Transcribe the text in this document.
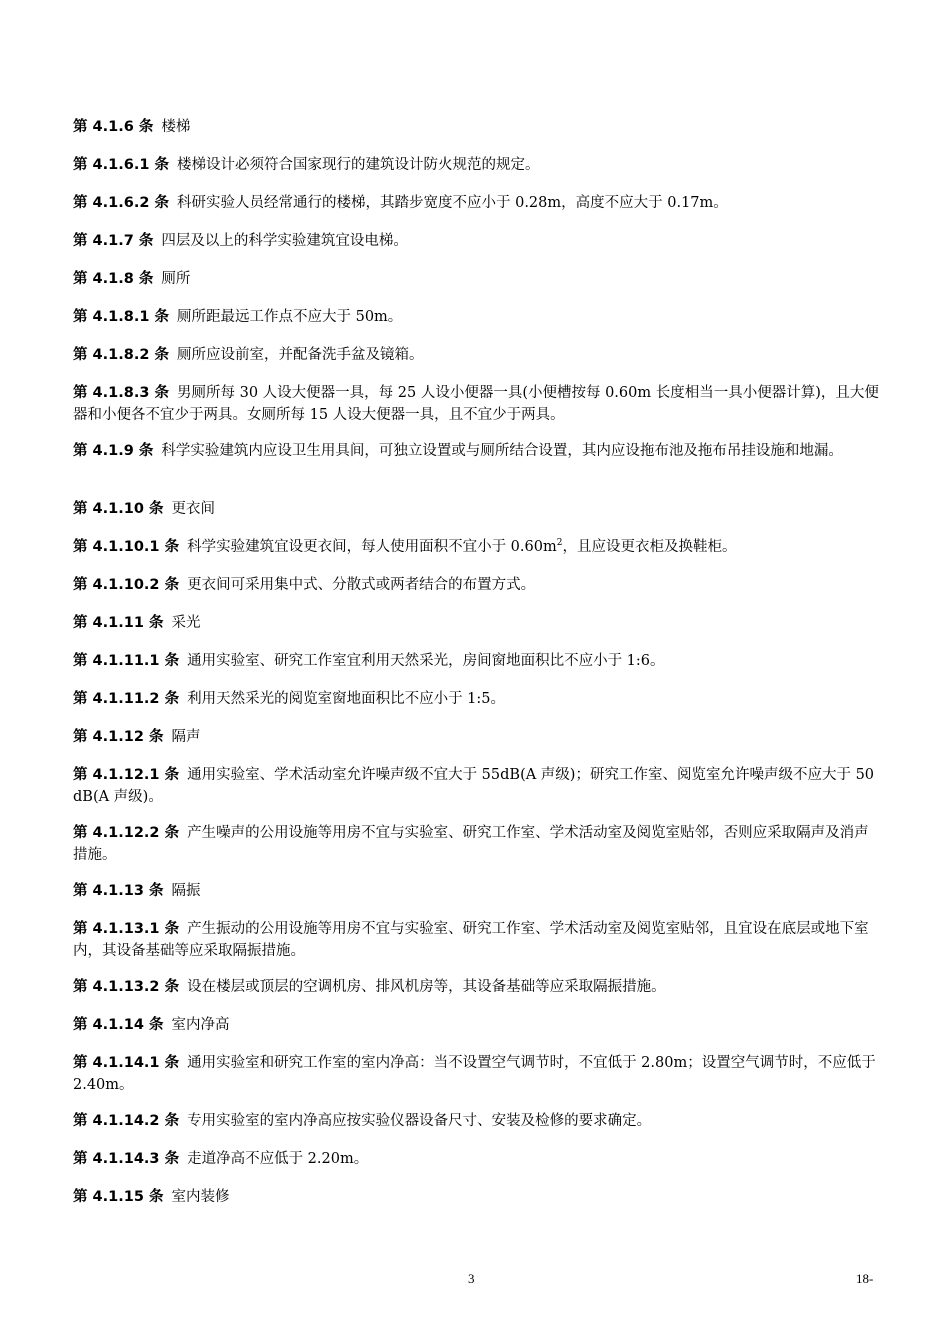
第 4.1.6 条 楼梯

第 4.1.6.1 条 楼梯设计必须符合国家现行的建筑设计防火规范的规定。

第 4.1.6.2 条 科研实验人员经常通行的楼梯，其踏步宽度不应小于 0.28m，高度不应大于 0.17m。

第 4.1.7 条 四层及以上的科学实验建筑宜设电梯。

第 4.1.8 条 厕所

第 4.1.8.1 条 厕所距最远工作点不应大于 50m。

第 4.1.8.2 条 厕所应设前室，并配备洗手盆及镜箱。

第 4.1.8.3 条 男厕所每 30 人设大便器一具，每 25 人设小便器一具(小便槽按每 0.60m 长度相当一具小便器计算)，且大便器和小便各不宜少于两具。女厕所每 15 人设大便器一具，且不宜少于两具。

第 4.1.9 条 科学实验建筑内应设卫生用具间，可独立设置或与厕所结合设置，其内应设拖布池及拖布吊挂设施和地漏。

第 4.1.10 条 更衣间

第 4.1.10.1 条 科学实验建筑宜设更衣间，每人使用面积不宜小于 $0.60m^2$，且应设更衣柜及换鞋柜。

第 4.1.10.2 条 更衣间可采用集中式、分散式或两者结合的布置方式。

第 4.1.11 条 采光

第 4.1.11.1 条 通用实验室、研究工作室宜利用天然采光，房间窗地面积比不应小于 1:6。

第 4.1.11.2 条 利用天然采光的阅览室窗地面积比不应小于 1:5。

第 4.1.12 条 隔声

第 4.1.12.1 条 通用实验室、学术活动室允许噪声级不宜大于 55dB(A 声级)；研究工作室、阅览室允许噪声级不应大于 50dB(A 声级)。

第 4.1.12.2 条 产生噪声的公用设施等用房不宜与实验室、研究工作室、学术活动室及阅览室贴邻，否则应采取隔声及消声措施。

第 4.1.13 条 隔振

第 4.1.13.1 条 产生振动的公用设施等用房不宜与实验室、研究工作室、学术活动室及阅览室贴邻，且宜设在底层或地下室内，其设备基础等应采取隔振措施。

第 4.1.13.2 条 设在楼层或顶层的空调机房、排风机房等，其设备基础等应采取隔振措施。

第 4.1.14 条 室内净高

第 4.1.14.1 条 通用实验室和研究工作室的室内净高：当不设置空气调节时，不宜低于 2.80m；设置空气调节时，不应低于 2.40m。

第 4.1.14.2 条 专用实验室的室内净高应按实验仪器设备尺寸、安装及检修的要求确定。

第 4.1.14.3 条 走道净高不应低于 2.20m。

第 4.1.15 条 室内装修

3	18-
